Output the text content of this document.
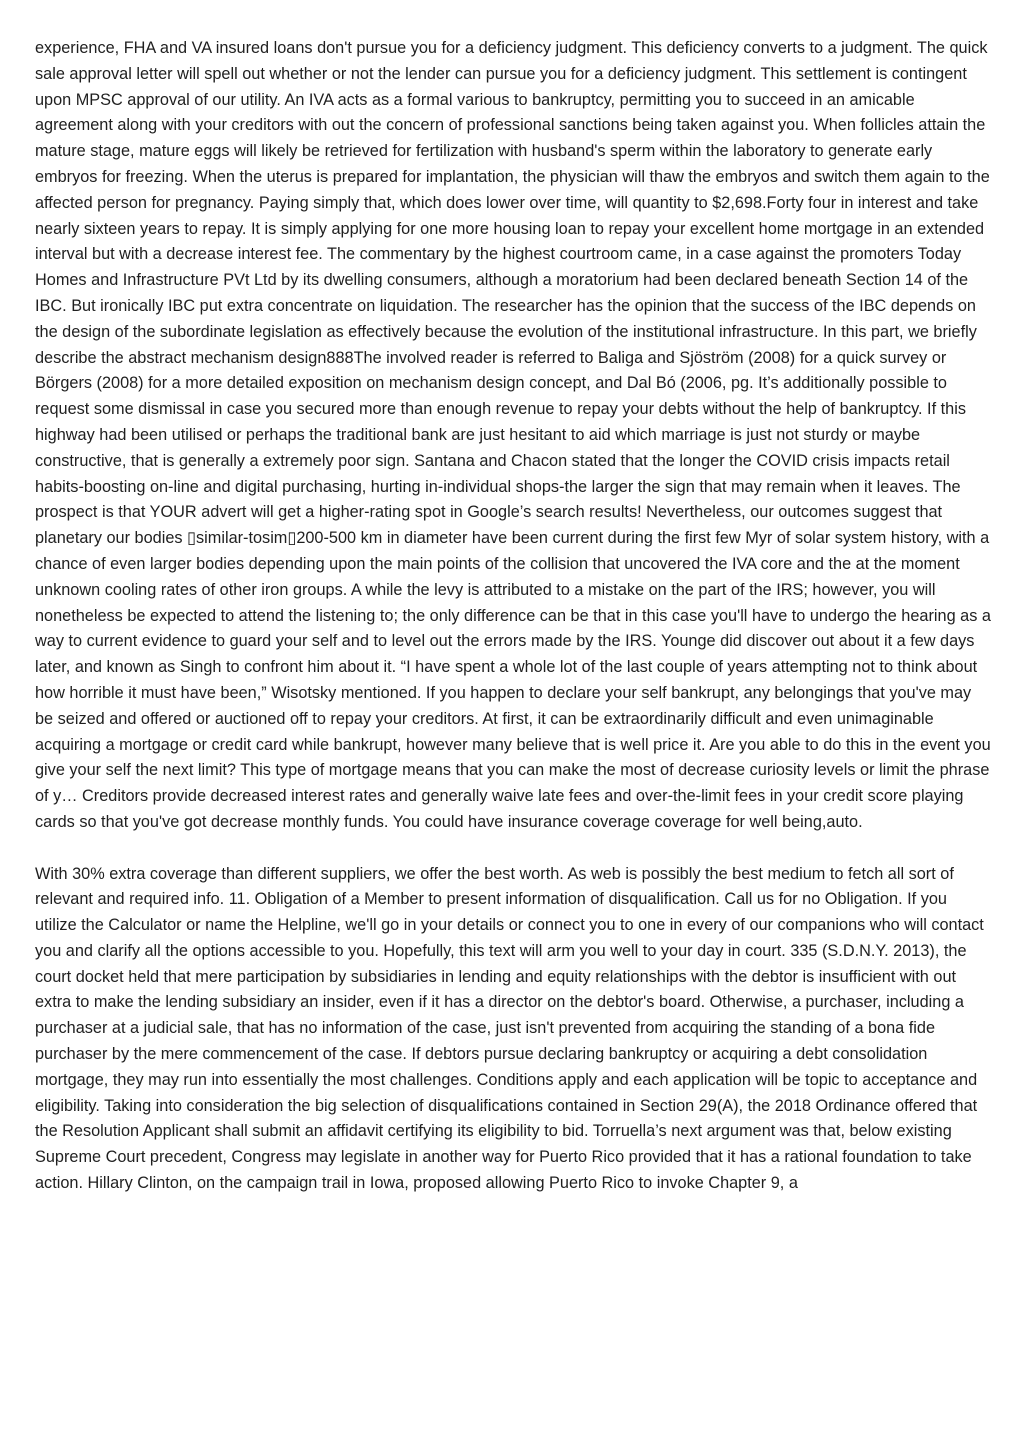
experience, FHA and VA insured loans don't pursue you for a deficiency judgment. This deficiency converts to a judgment. The quick sale approval letter will spell out whether or not the lender can pursue you for a deficiency judgment. This settlement is contingent upon MPSC approval of our utility. An IVA acts as a formal various to bankruptcy, permitting you to succeed in an amicable agreement along with your creditors with out the concern of professional sanctions being taken against you. When follicles attain the mature stage, mature eggs will likely be retrieved for fertilization with husband's sperm within the laboratory to generate early embryos for freezing. When the uterus is prepared for implantation, the physician will thaw the embryos and switch them again to the affected person for pregnancy. Paying simply that, which does lower over time, will quantity to $2,698.Forty four in interest and take nearly sixteen years to repay. It is simply applying for one more housing loan to repay your excellent home mortgage in an extended interval but with a decrease interest fee. The commentary by the highest courtroom came, in a case against the promoters Today Homes and Infrastructure PVt Ltd by its dwelling consumers, although a moratorium had been declared beneath Section 14 of the IBC. But ironically IBC put extra concentrate on liquidation. The researcher has the opinion that the success of the IBC depends on the design of the subordinate legislation as effectively because the evolution of the institutional infrastructure. In this part, we briefly describe the abstract mechanism design888The involved reader is referred to Baliga and Sjöström (2008) for a quick survey or Börgers (2008) for a more detailed exposition on mechanism design concept, and Dal Bó (2006, pg. It’s additionally possible to request some dismissal in case you secured more than enough revenue to repay your debts without the help of bankruptcy. If this highway had been utilised or perhaps the traditional bank are just hesitant to aid which marriage is just not sturdy or maybe constructive, that is generally a extremely poor sign. Santana and Chacon stated that the longer the COVID crisis impacts retail habits-boosting on-line and digital purchasing, hurting in-individual shops-the larger the sign that may remain when it leaves. The prospect is that YOUR advert will get a higher-rating spot in Google’s search results! Nevertheless, our outcomes suggest that planetary our bodies ▯similar-tosim▯200-500 km in diameter have been current during the first few Myr of solar system history, with a chance of even larger bodies depending upon the main points of the collision that uncovered the IVA core and the at the moment unknown cooling rates of other iron groups. A while the levy is attributed to a mistake on the part of the IRS; however, you will nonetheless be expected to attend the listening to; the only difference can be that in this case you'll have to undergo the hearing as a way to current evidence to guard your self and to level out the errors made by the IRS. Younge did discover out about it a few days later, and known as Singh to confront him about it. “I have spent a whole lot of the last couple of years attempting not to think about how horrible it must have been,” Wisotsky mentioned. If you happen to declare your self bankrupt, any belongings that you've may be seized and offered or auctioned off to repay your creditors. At first, it can be extraordinarily difficult and even unimaginable acquiring a mortgage or credit card while bankrupt, however many believe that is well price it. Are you able to do this in the event you give your self the next limit? This type of mortgage means that you can make the most of decrease curiosity levels or limit the phrase of y… Creditors provide decreased interest rates and generally waive late fees and over-the-limit fees in your credit score playing cards so that you've got decrease monthly funds. You could have insurance coverage coverage for well being,auto.

With 30% extra coverage than different suppliers, we offer the best worth. As web is possibly the best medium to fetch all sort of relevant and required info. 11. Obligation of a Member to present information of disqualification. Call us for no Obligation. If you utilize the Calculator or name the Helpline, we'll go in your details or connect you to one in every of our companions who will contact you and clarify all the options accessible to you. Hopefully, this text will arm you well to your day in court. 335 (S.D.N.Y. 2013), the court docket held that mere participation by subsidiaries in lending and equity relationships with the debtor is insufficient with out extra to make the lending subsidiary an insider, even if it has a director on the debtor's board. Otherwise, a purchaser, including a purchaser at a judicial sale, that has no information of the case, just isn't prevented from acquiring the standing of a bona fide purchaser by the mere commencement of the case. If debtors pursue declaring bankruptcy or acquiring a debt consolidation mortgage, they may run into essentially the most challenges. Conditions apply and each application will be topic to acceptance and eligibility. Taking into consideration the big selection of disqualifications contained in Section 29(A), the 2018 Ordinance offered that the Resolution Applicant shall submit an affidavit certifying its eligibility to bid. Torruella’s next argument was that, below existing Supreme Court precedent, Congress may legislate in another way for Puerto Rico provided that it has a rational foundation to take action. Hillary Clinton, on the campaign trail in Iowa, proposed allowing Puerto Rico to invoke Chapter 9, a
